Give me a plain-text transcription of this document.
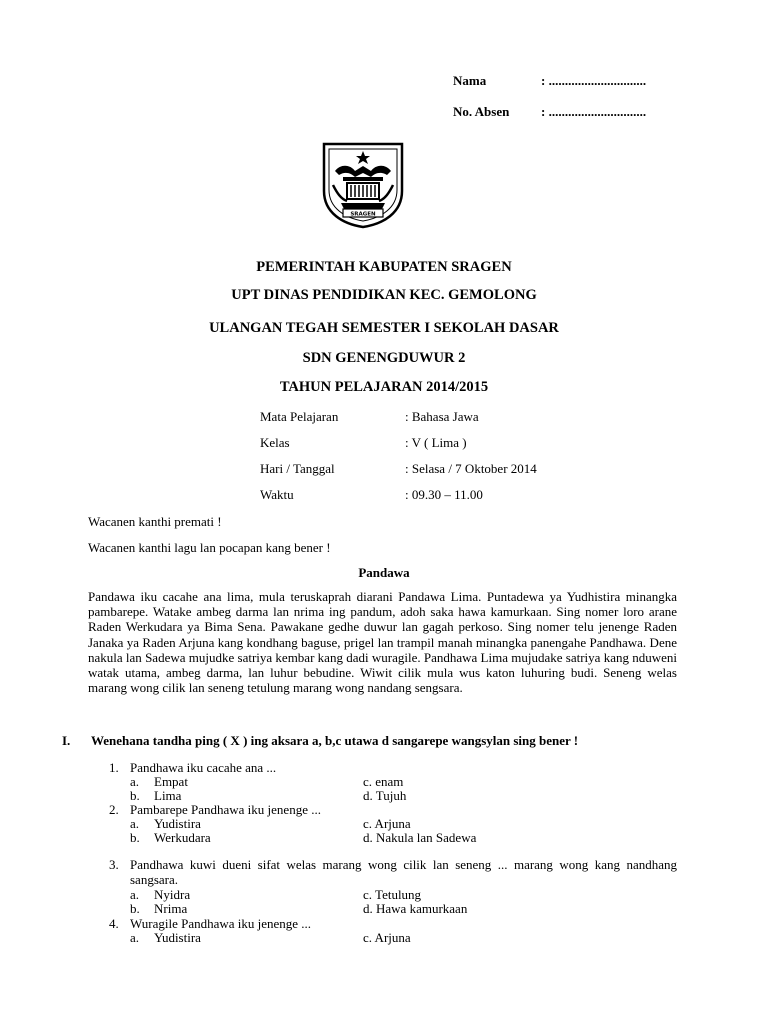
Nama	: ..............................
No. Absen : ..............................
SRAGEN
PEMERINTAH KABUPATEN SRAGEN
UPT DINAS PENDIDIKAN KEC. GEMOLONG
ULANGAN TEGAH SEMESTER I SEKOLAH DASAR
SDN GENENGDUWUR 2
TAHUN PELAJARAN 2014/2015
Mata Pelajaran	: Bahasa Jawa
Kelas	: V ( Lima )
Hari / Tanggal	: Selasa / 7 Oktober 2014
Waktu	: 09.30 – 11.00
Wacanen kanthi premati !
Wacanen kanthi lagu lan pocapan kang bener !
Pandawa
Pandawa iku cacahe ana lima, mula teruskaprah diarani Pandawa Lima. Puntadewa ya Yudhistira minangka pambarepe. Watake ambeg darma lan nrima ing pandum, adoh saka hawa kamurkaan. Sing nomer loro arane Raden Werkudara ya Bima Sena. Pawakane gedhe duwur lan gagah perkoso. Sing nomer telu jenenge Raden Janaka ya Raden Arjuna kang kondhang baguse, prigel lan trampil manah minangka panengahe Pandhawa. Dene nakula lan Sadewa mujudke satriya kembar kang dadi wuragile. Pandhawa Lima mujudake satriya kang nduweni watak utama, ambeg darma, lan luhur bebudine. Wiwit cilik mula wus katon luhuring budi. Seneng welas marang wong cilik lan seneng tetulung marang wong nandang sengsara.
I. Wenehana tandha ping ( X ) ing aksara a, b,c utawa d sangarepe wangsylan sing bener !
1. Pandhawa iku cacahe ana ...
a. Empat	c. enam
b. Lima	d. Tujuh
2. Pambarepe Pandhawa iku jenenge ...
a. Yudistira	c. Arjuna
b. Werkudara	d. Nakula lan Sadewa
3. Pandhawa kuwi dueni sifat welas marang wong cilik lan seneng ... marang wong kang nandhang sangsara.
a. Nyidra	c. Tetulung
b. Nrima	d. Hawa kamurkaan
4. Wuragile Pandhawa iku jenenge ...
a. Yudistira	c. Arjuna
